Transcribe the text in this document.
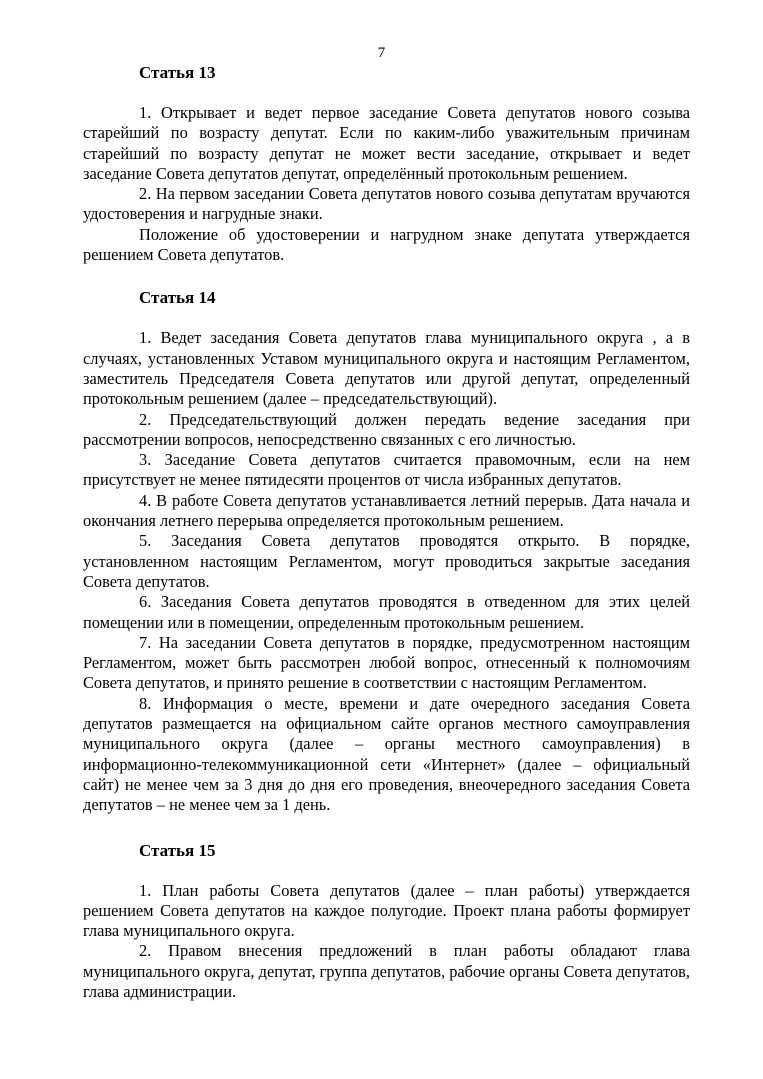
7
Статья 13

1. Открывает и ведет первое заседание Совета депутатов нового созыва старейший по возрасту депутат. Если по каким-либо уважительным причинам старейший по возрасту депутат не может вести заседание, открывает и ведет заседание Совета депутатов депутат, определённый протокольным решением.

2. На первом заседании Совета депутатов нового созыва депутатам вручаются удостоверения и нагрудные знаки.

Положение об удостоверении и нагрудном знаке депутата утверждается решением Совета депутатов.

Статья 14

1. Ведет заседания Совета депутатов глава муниципального округа , а в случаях, установленных Уставом муниципального округа и настоящим Регламентом, заместитель Председателя Совета депутатов или другой депутат, определенный протокольным решением (далее – председательствующий).

2. Председательствующий должен передать ведение заседания при рассмотрении вопросов, непосредственно связанных с его личностью.

3. Заседание Совета депутатов считается правомочным, если на нем присутствует не менее пятидесяти процентов от числа избранных депутатов.

4. В работе Совета депутатов устанавливается летний перерыв. Дата начала и окончания летнего перерыва определяется протокольным решением.

5. Заседания Совета депутатов проводятся открыто. В порядке, установленном настоящим Регламентом, могут проводиться закрытые заседания Совета депутатов.

6. Заседания Совета депутатов проводятся в отведенном для этих целей помещении или в помещении, определенным протокольным решением.

7. На заседании Совета депутатов в порядке, предусмотренном настоящим Регламентом, может быть рассмотрен любой вопрос, отнесенный к полномочиям Совета депутатов, и принято решение в соответствии с настоящим Регламентом.

8. Информация о месте, времени и дате очередного заседания Совета депутатов размещается на официальном сайте органов местного самоуправления муниципального округа (далее – органы местного самоуправления) в информационно-телекоммуникационной сети «Интернет» (далее – официальный сайт) не менее чем за 3 дня до дня его проведения, внеочередного заседания Совета депутатов – не менее чем за 1 день.

Статья 15

1. План работы Совета депутатов (далее – план работы) утверждается решением Совета депутатов на каждое полугодие. Проект плана работы формирует глава муниципального округа.

2. Правом внесения предложений в план работы обладают глава муниципального округа, депутат, группа депутатов, рабочие органы Совета депутатов, глава администрации.
